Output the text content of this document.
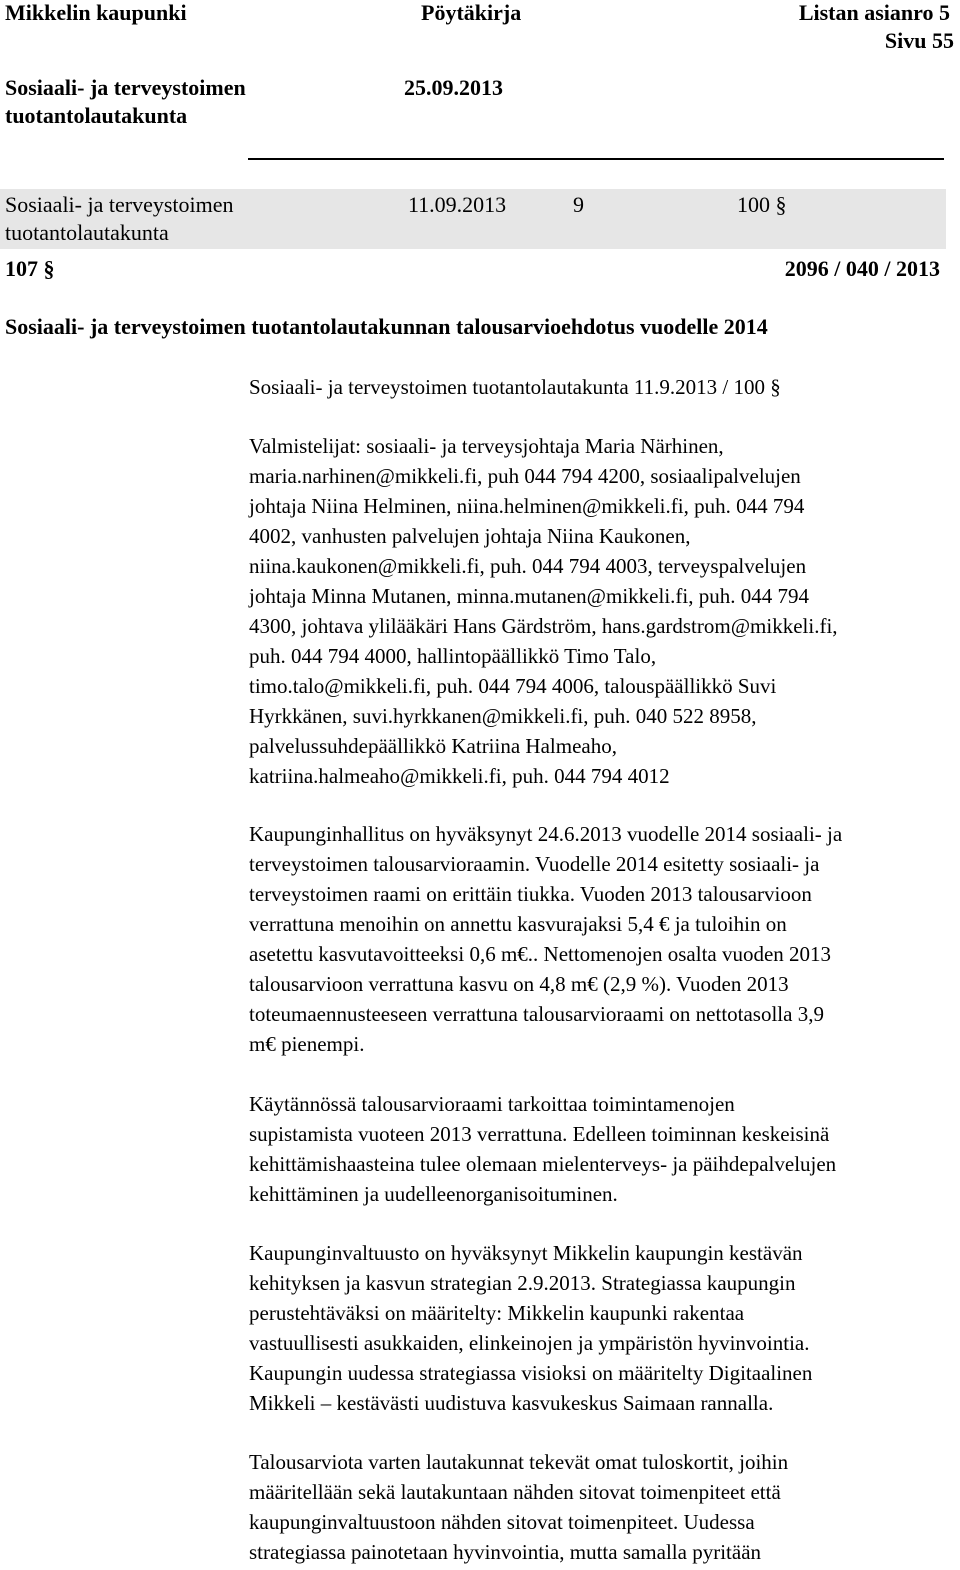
Mikkelin kaupunki	Pöytäkirja	Listan asianro 5
Sivu 55
Sosiaali- ja terveystoimen
tuotantolautakunta
25.09.2013
Sosiaali- ja terveystoimen
tuotantolautakunta
11.09.2013	9	100 §
107 §	2096 / 040 / 2013
Sosiaali- ja terveystoimen tuotantolautakunnan talousarvioehdotus vuodelle 2014
Sosiaali- ja terveystoimen tuotantolautakunta 11.9.2013 / 100 §
Valmistelijat: sosiaali- ja terveysjohtaja Maria Närhinen,
maria.narhinen@mikkeli.fi, puh 044 794 4200, sosiaalipalvelujen
johtaja Niina Helminen, niina.helminen@mikkeli.fi, puh. 044 794
4002, vanhusten palvelujen johtaja Niina Kaukonen,
niina.kaukonen@mikkeli.fi, puh. 044 794 4003, terveyspalvelujen
johtaja Minna Mutanen, minna.mutanen@mikkeli.fi, puh. 044 794
4300, johtava ylilääkäri Hans Gärdström, hans.gardstrom@mikkeli.fi,
puh. 044 794 4000, hallintopäällikkö Timo Talo,
timo.talo@mikkeli.fi, puh. 044 794 4006, talouspäällikkö Suvi
Hyrkkänen, suvi.hyrkkanen@mikkeli.fi, puh. 040 522 8958,
palvelussuhdepäällikkö Katriina Halmeaho,
katriina.halmeaho@mikkeli.fi, puh. 044 794 4012
Kaupunginhallitus on hyväksynyt 24.6.2013 vuodelle 2014 sosiaali- ja
terveystoimen talousarvioraamin. Vuodelle 2014 esitetty sosiaali- ja
terveystoimen raami on erittäin tiukka. Vuoden 2013 talousarvioon
verrattuna menoihin on annettu kasvurajaksi 5,4 € ja tuloihin on
asetettu kasvutavoitteeksi 0,6 m€.. Nettomenojen osalta vuoden 2013
talousarvioon verrattuna kasvu on 4,8 m€ (2,9 %). Vuoden 2013
toteumaennusteeseen verrattuna talousarvioraami on nettotasolla 3,9
m€ pienempi.
Käytännössä talousarvioraami tarkoittaa toimintamenojen
supistamista vuoteen 2013 verrattuna. Edelleen toiminnan keskeisinä
kehittämishaasteina tulee olemaan mielenterveys- ja päihdepalvelujen
kehittäminen ja uudelleenorganisoituminen.
Kaupunginvaltuusto on hyväksynyt Mikkelin kaupungin kestävän
kehityksen ja kasvun strategian 2.9.2013. Strategiassa kaupungin
perustehtäväksi on määritelty: Mikkelin kaupunki rakentaa
vastuullisesti asukkaiden, elinkeinojen ja ympäristön hyvinvointia.
Kaupungin uudessa strategiassa visioksi on määritelty Digitaalinen
Mikkeli – kestävästi uudistuva kasvukeskus Saimaan rannalla.
Talousarviota varten lautakunnat tekevät omat tuloskortit, joihin
määritellään sekä lautakuntaan nähden sitovat toimenpiteet että
kaupunginvaltuustoon nähden sitovat toimenpiteet. Uudessa
strategiassa painotetaan hyvinvointia, mutta samalla pyritään
